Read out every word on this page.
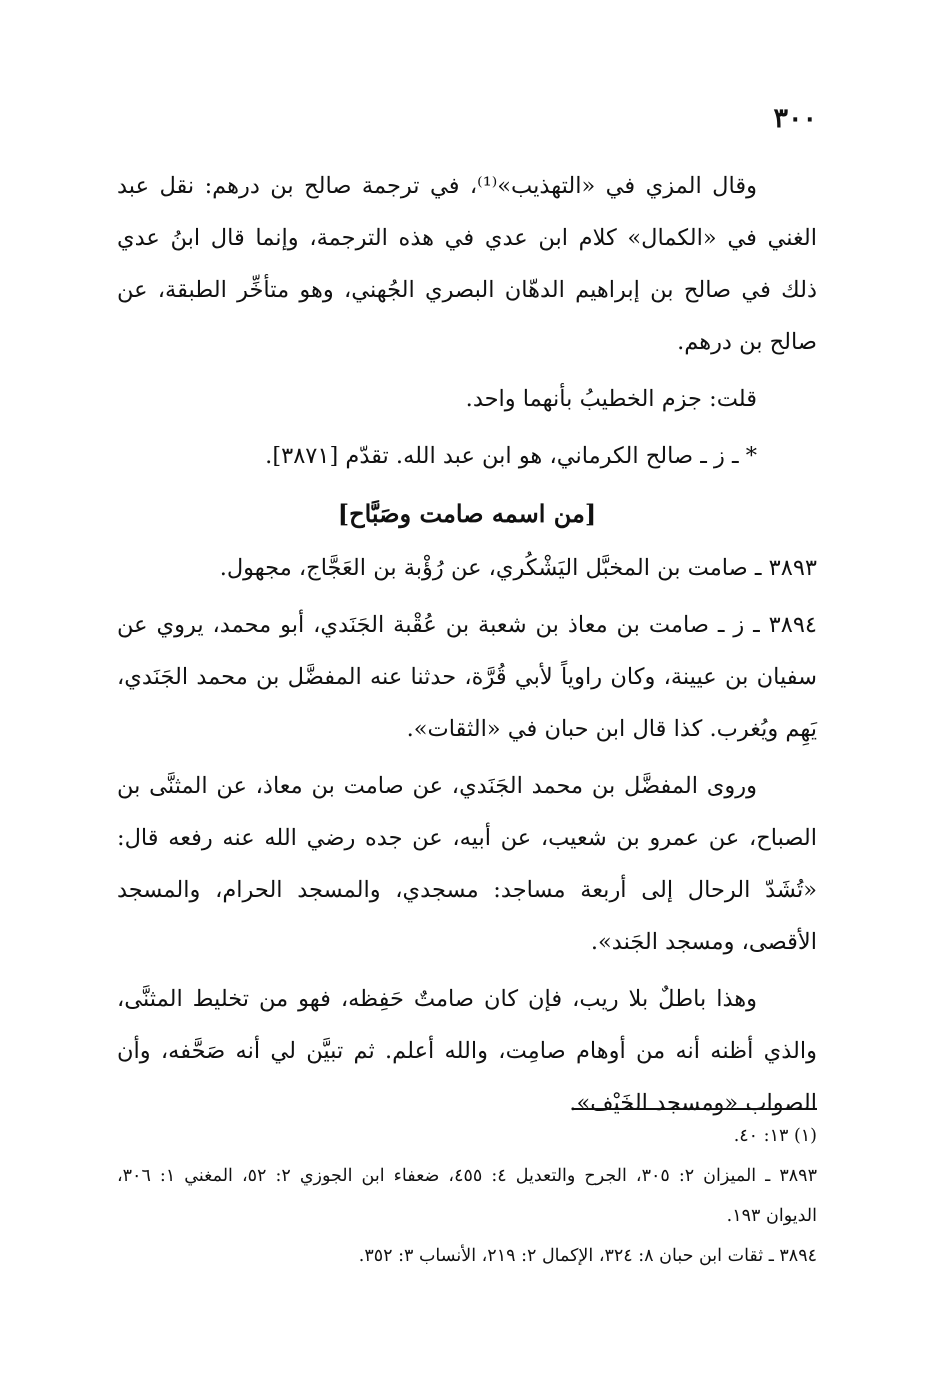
٣٠٠

وقال المزي في «التهذيب»⁽¹⁾، في ترجمة صالح بن درهم: نقل عبد الغني في «الكمال» كلام ابن عدي في هذه الترجمة، وإنما قال ابنُ عدي ذلك في صالح بن إبراهيم الدهّان البصري الجُهني، وهو متأخِّر الطبقة، عن صالح بن درهم.

قلت: جزم الخطيبُ بأنهما واحد.

* ـ ز ـ صالح الكرماني، هو ابن عبد الله. تقدّم [٣٨٧١].

[من اسمه صامت وصَبَّاح]

٣٨٩٣ ـ صامت بن المخبَّل اليَشْكُري، عن رُؤْبة بن العَجَّاج، مجهول.

٣٨٩٤ ـ ز ـ صامت بن معاذ بن شعبة بن عُقْبة الجَنَدي، أبو محمد، يروي عن سفيان بن عيينة، وكان راوياً لأبي قُرَّة، حدثنا عنه المفضَّل بن محمد الجَنَدي، يَهِم ويُغرب. كذا قال ابن حبان في «الثقات».

وروى المفضَّل بن محمد الجَنَدي، عن صامت بن معاذ، عن المثنَّى بن الصباح، عن عمرو بن شعيب، عن أبيه، عن جده رضي الله عنه رفعه قال: «تُشَدّ الرحال إلى أربعة مساجد: مسجدي، والمسجد الحرام، والمسجد الأقصى، ومسجد الجَند».

وهذا باطلٌ بلا ريب، فإن كان صامتٌ حَفِظه، فهو من تخليط المثنَّى، والذي أظنه أنه من أوهام صامِت، والله أعلم. ثم تبيَّن لي أنه صَحَّفه، وأن الصواب «ومسجد الخَيْف».

(١) ١٣: ٤٠.

٣٨٩٣ ـ الميزان ٢: ٣٠٥، الجرح والتعديل ٤: ٤٥٥، ضعفاء ابن الجوزي ٢: ٥٢، المغني ١: ٣٠٦، الديوان ١٩٣.

٣٨٩٤ ـ ثقات ابن حبان ٨: ٣٢٤، الإكمال ٢: ٢١٩، الأنساب ٣: ٣٥٢.
